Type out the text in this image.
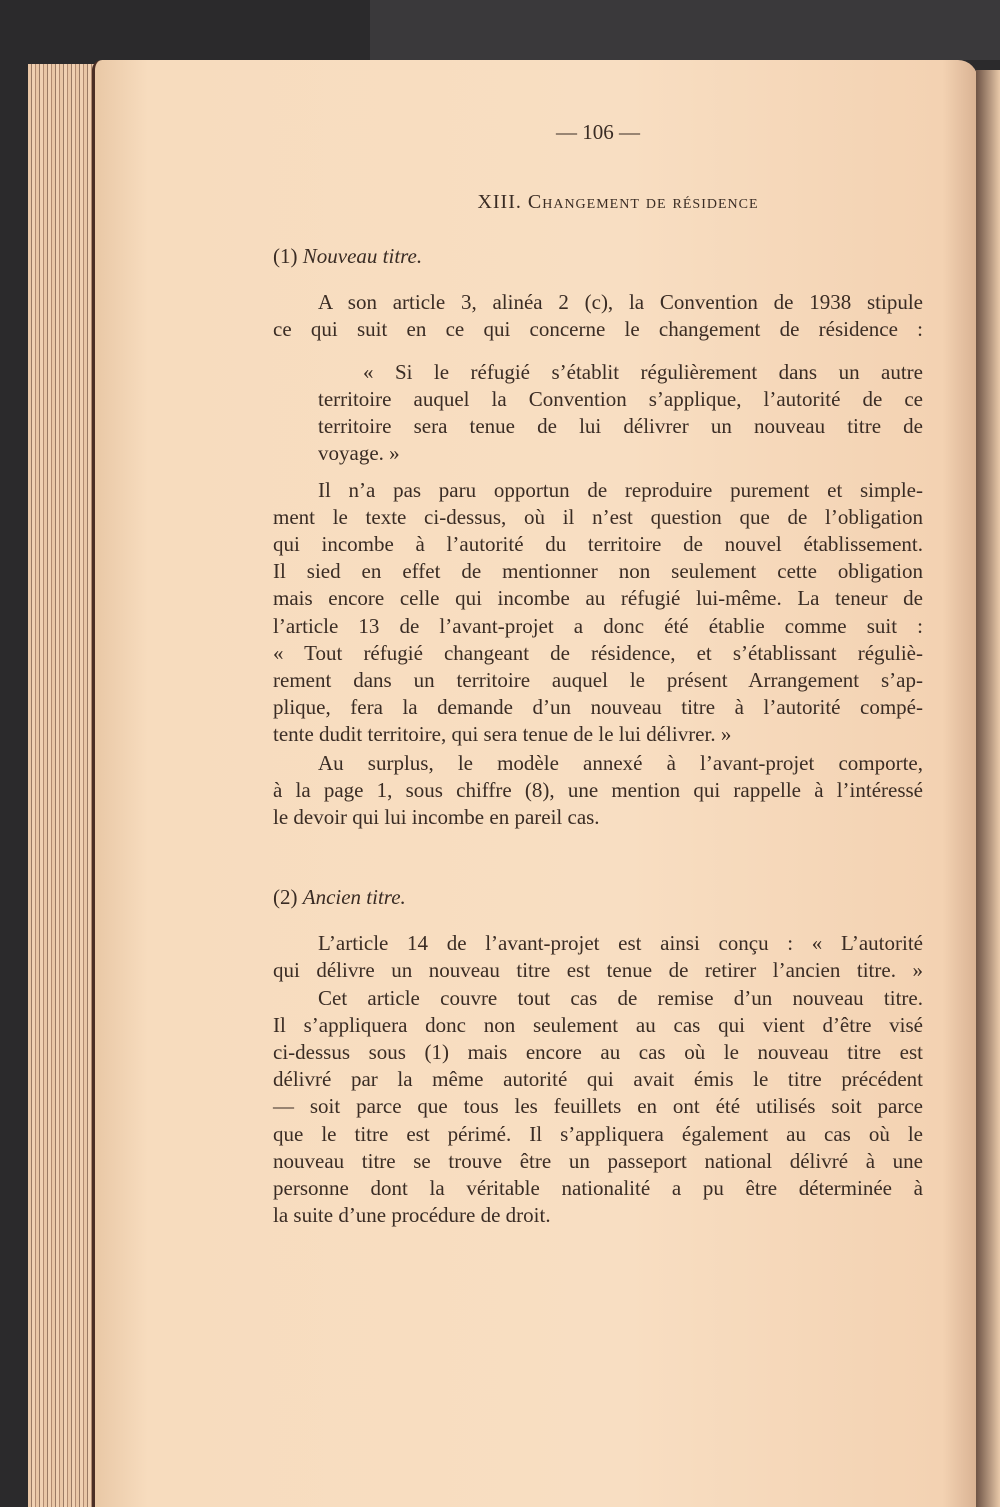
— 106 —
XIII. Changement de résidence
(1) Nouveau titre.
(2) Ancien titre.
A son article 3, alinéa 2 (c), la Convention de 1938 stipule
ce qui suit en ce qui concerne le changement de résidence :
« Si le réfugié s’établit régulièrement dans un autre
territoire auquel la Convention s’applique, l’autorité de ce
territoire sera tenue de lui délivrer un nouveau titre de
voyage. »
Il n’a pas paru opportun de reproduire purement et simple-
ment le texte ci-dessus, où il n’est question que de l’obligation
qui incombe à l’autorité du territoire de nouvel établissement.
Il sied en effet de mentionner non seulement cette obligation
mais encore celle qui incombe au réfugié lui-même. La teneur de
l’article 13 de l’avant-projet a donc été établie comme suit :
« Tout réfugié changeant de résidence, et s’établissant réguliè-
rement dans un territoire auquel le présent Arrangement s’ap-
plique, fera la demande d’un nouveau titre à l’autorité compé-
tente dudit territoire, qui sera tenue de le lui délivrer. »
Au surplus, le modèle annexé à l’avant-projet comporte,
à la page 1, sous chiffre (8), une mention qui rappelle à l’intéressé
le devoir qui lui incombe en pareil cas.
L’article 14 de l’avant-projet est ainsi conçu : « L’autorité
qui délivre un nouveau titre est tenue de retirer l’ancien titre. »
Cet article couvre tout cas de remise d’un nouveau titre.
Il s’appliquera donc non seulement au cas qui vient d’être visé
ci-dessus sous (1) mais encore au cas où le nouveau titre est
délivré par la même autorité qui avait émis le titre précédent
— soit parce que tous les feuillets en ont été utilisés soit parce
que le titre est périmé. Il s’appliquera également au cas où le
nouveau titre se trouve être un passeport national délivré à une
personne dont la véritable nationalité a pu être déterminée à
la suite d’une procédure de droit.
